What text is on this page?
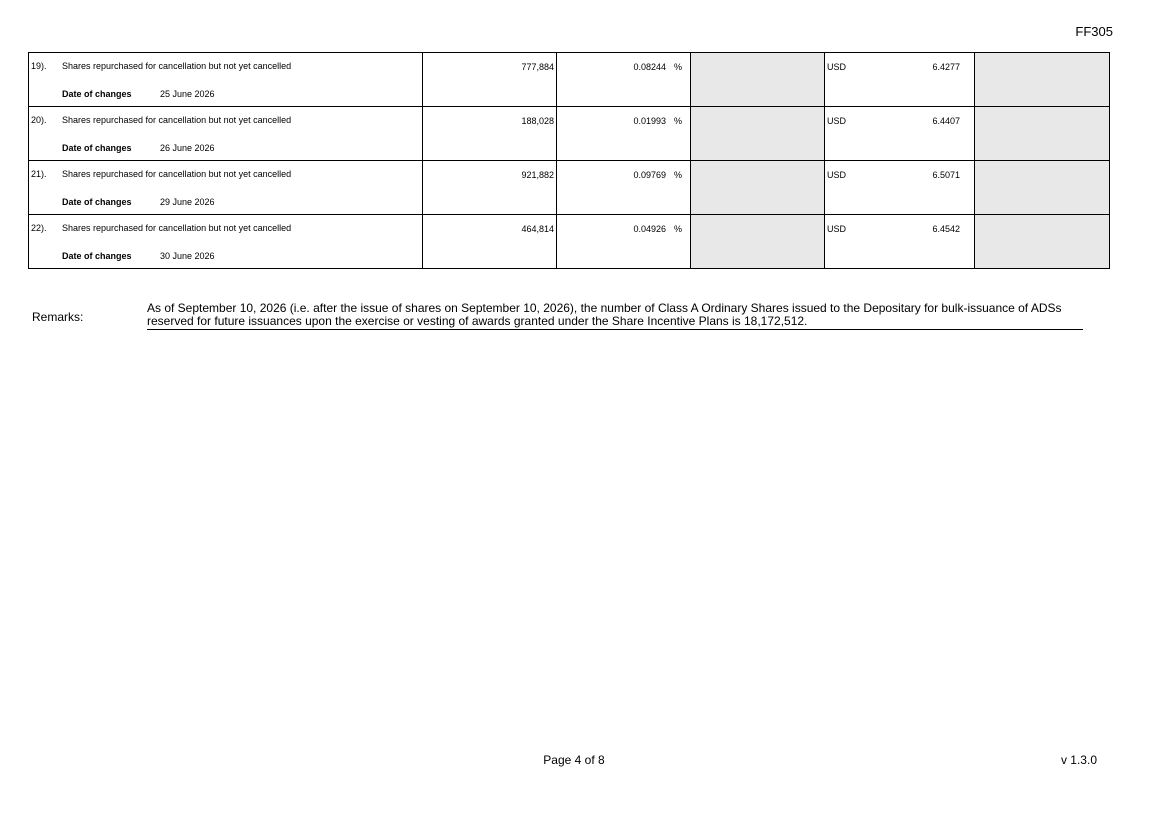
FF305
19). Shares repurchased for cancellation but not yet cancelled
Date of changes 25 June 2026	777,884	0.08244 %		USD 6.4277	

20). Shares repurchased for cancellation but not yet cancelled
Date of changes 26 June 2026	188,028	0.01993 %		USD 6.4407	

21). Shares repurchased for cancellation but not yet cancelled
Date of changes 29 June 2026	921,882	0.09769 %		USD 6.5071	

22). Shares repurchased for cancellation but not yet cancelled
Date of changes 30 June 2026	464,814	0.04926 %		USD 6.4542	

Remarks:
As of September 10, 2026 (i.e. after the issue of shares on September 10, 2026), the number of Class A Ordinary Shares issued to the Depositary for bulk-issuance of ADSs reserved for future issuances upon the exercise or vesting of awards granted under the Share Incentive Plans is 18,172,512.
Page 4 of 8	v 1.3.0
